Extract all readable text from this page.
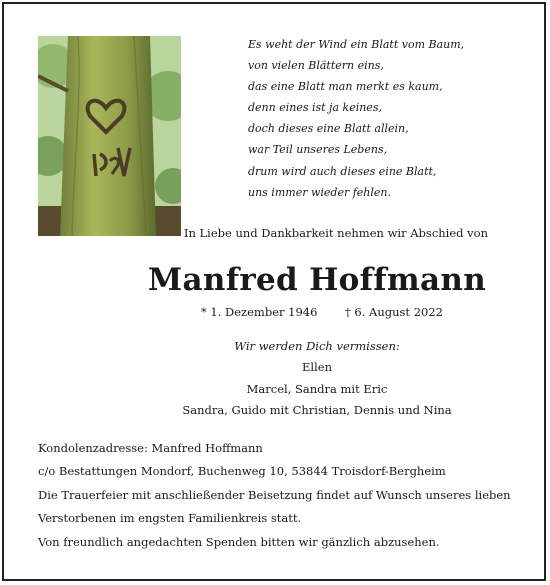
Es weht der Wind ein Blatt vom Baum,
von vielen Blättern eins,
das eine Blatt man merkt es kaum,
denn eines ist ja keines,
doch dieses eine Blatt allein,
war Teil unseres Lebens,
drum wird auch dieses eine Blatt,
uns immer wieder fehlen.
In Liebe und Dankbarkeit nehmen wir Abschied von
Manfred Hoffmann
* 1. Dezember 1946 † 6. August 2022
Wir werden Dich vermissen:
Ellen
Marcel, Sandra mit Eric
Sandra, Guido mit Christian, Dennis und Nina
Kondolenzadresse: Manfred Hoffmann
c/o Bestattungen Mondorf, Buchenweg 10, 53844 Troisdorf-Bergheim
Die Trauerfeier mit anschließender Beisetzung findet auf Wunsch unseres lieben
Verstorbenen im engsten Familienkreis statt.
Von freundlich angedachten Spenden bitten wir gänzlich abzusehen.
